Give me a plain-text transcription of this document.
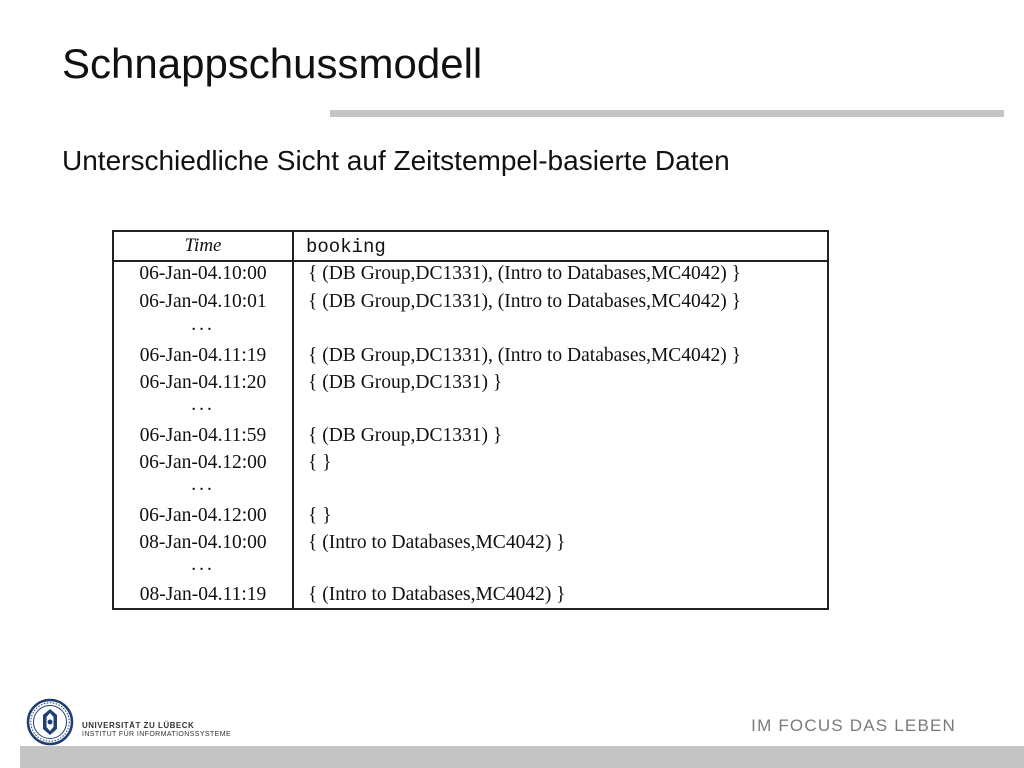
Schnappschussmodell

Unterschiedliche Sicht auf Zeitstempel-basierte Daten

Time	booking
06-Jan-04.10:00	{ (DB Group,DC1331), (Intro to Databases,MC4042) }
06-Jan-04.10:01	{ (DB Group,DC1331), (Intro to Databases,MC4042) }
...
06-Jan-04.11:19	{ (DB Group,DC1331), (Intro to Databases,MC4042) }
06-Jan-04.11:20	{ (DB Group,DC1331) }
...
06-Jan-04.11:59	{ (DB Group,DC1331) }
06-Jan-04.12:00	{ }
...
06-Jan-04.12:00	{ }
08-Jan-04.10:00	{ (Intro to Databases,MC4042) }
...
08-Jan-04.11:19	{ (Intro to Databases,MC4042) }
UNIVERSITÄT ZU LÜBECK
INSTITUT FÜR INFORMATIONSSYSTEME	IM FOCUS DAS LEBEN
